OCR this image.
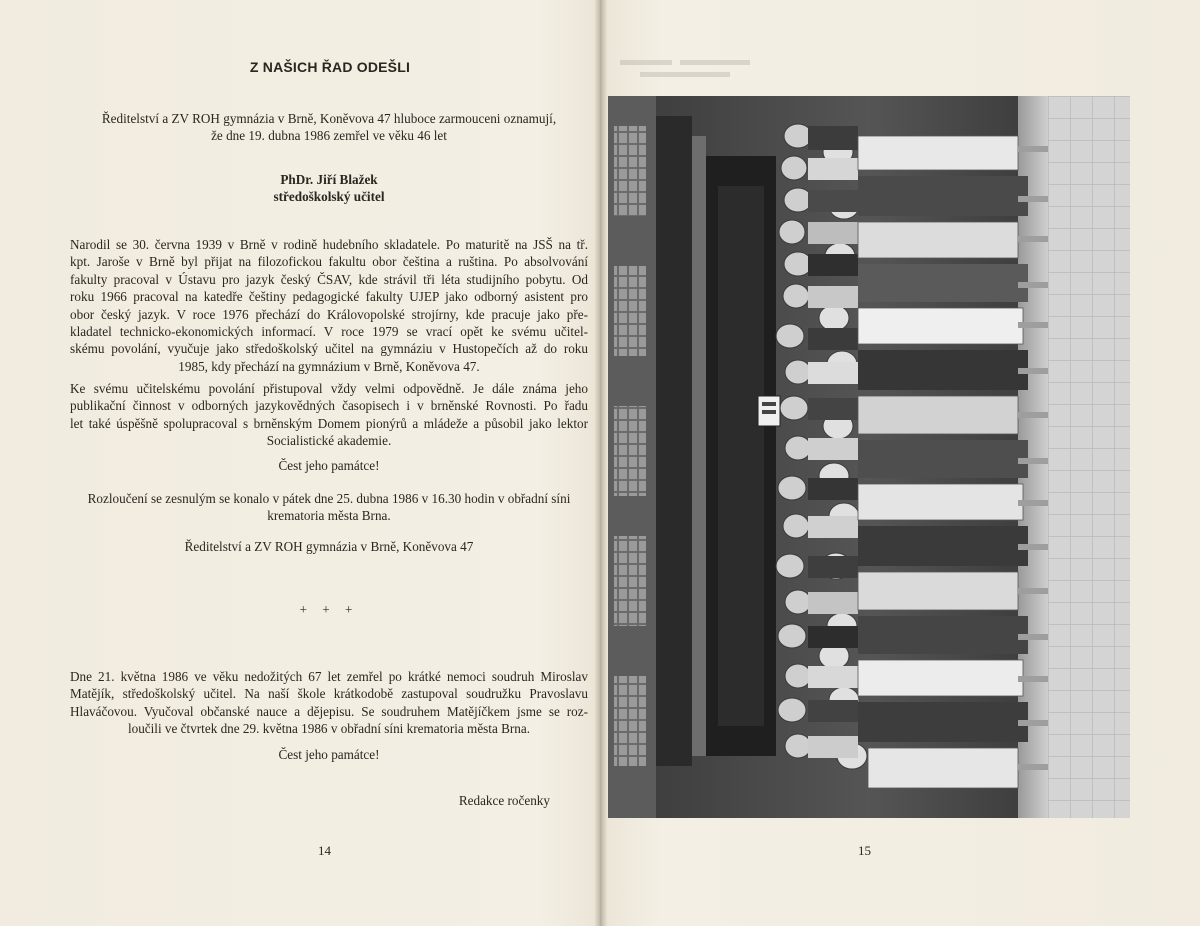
Z NAŠICH ŘAD ODEŠLI
Ředitelství a ZV ROH gymnázia v Brně, Koněvova 47 hluboce zarmouceni oznamují,
že dne 19. dubna 1986 zemřel ve věku 46 let
PhDr. Jiří Blažek
středoškolský učitel
Narodil se 30. června 1939 v Brně v rodině hudebního skladatele. Po maturitě na JSŠ na tř.
kpt. Jaroše v Brně byl přijat na filozofickou fakultu obor čeština a ruština. Po absolvování
fakulty pracoval v Ústavu pro jazyk český ČSAV, kde strávil tři léta studijního pobytu. Od
roku 1966 pracoval na katedře češtiny pedagogické fakulty UJEP jako odborný asistent pro
obor český jazyk. V roce 1976 přechází do Královopolské strojírny, kde pracuje jako pře-
kladatel technicko-ekonomických informací. V roce 1979 se vrací opět ke svému učitel-
skému povolání, vyučuje jako středoškolský učitel na gymnáziu v Hustopečích až do roku
1985, kdy přechází na gymnázium v Brně, Koněvova 47.
Ke svému učitelskému povolání přistupoval vždy velmi odpovědně. Je dále známa jeho
publikační činnost v odborných jazykovědných časopisech i v brněnské Rovnosti. Po řadu
let také úspěšně spolupracoval s brněnským Domem pionýrů a mládeže a působil jako lektor
Socialistické akademie.
Čest jeho památce!
Rozloučení se zesnulým se konalo v pátek dne 25. dubna 1986 v 16.30 hodin v obřadní síni
krematoria města Brna.
Ředitelství a ZV ROH gymnázia v Brně, Koněvova 47
+ + +
Dne 21. května 1986 ve věku nedožitých 67 let zemřel po krátké nemoci soudruh Miroslav
Matějík, středoškolský učitel. Na naší škole krátkodobě zastupoval soudružku Pravoslavu
Hlaváčovou. Vyučoval občanské nauce a dějepisu. Se soudruhem Matějíčkem jsme se roz-
loučili ve čtvrtek dne 29. května 1986 v obřadní síni krematoria města Brna.
Čest jeho památce!
Redakce ročenky
14	15
